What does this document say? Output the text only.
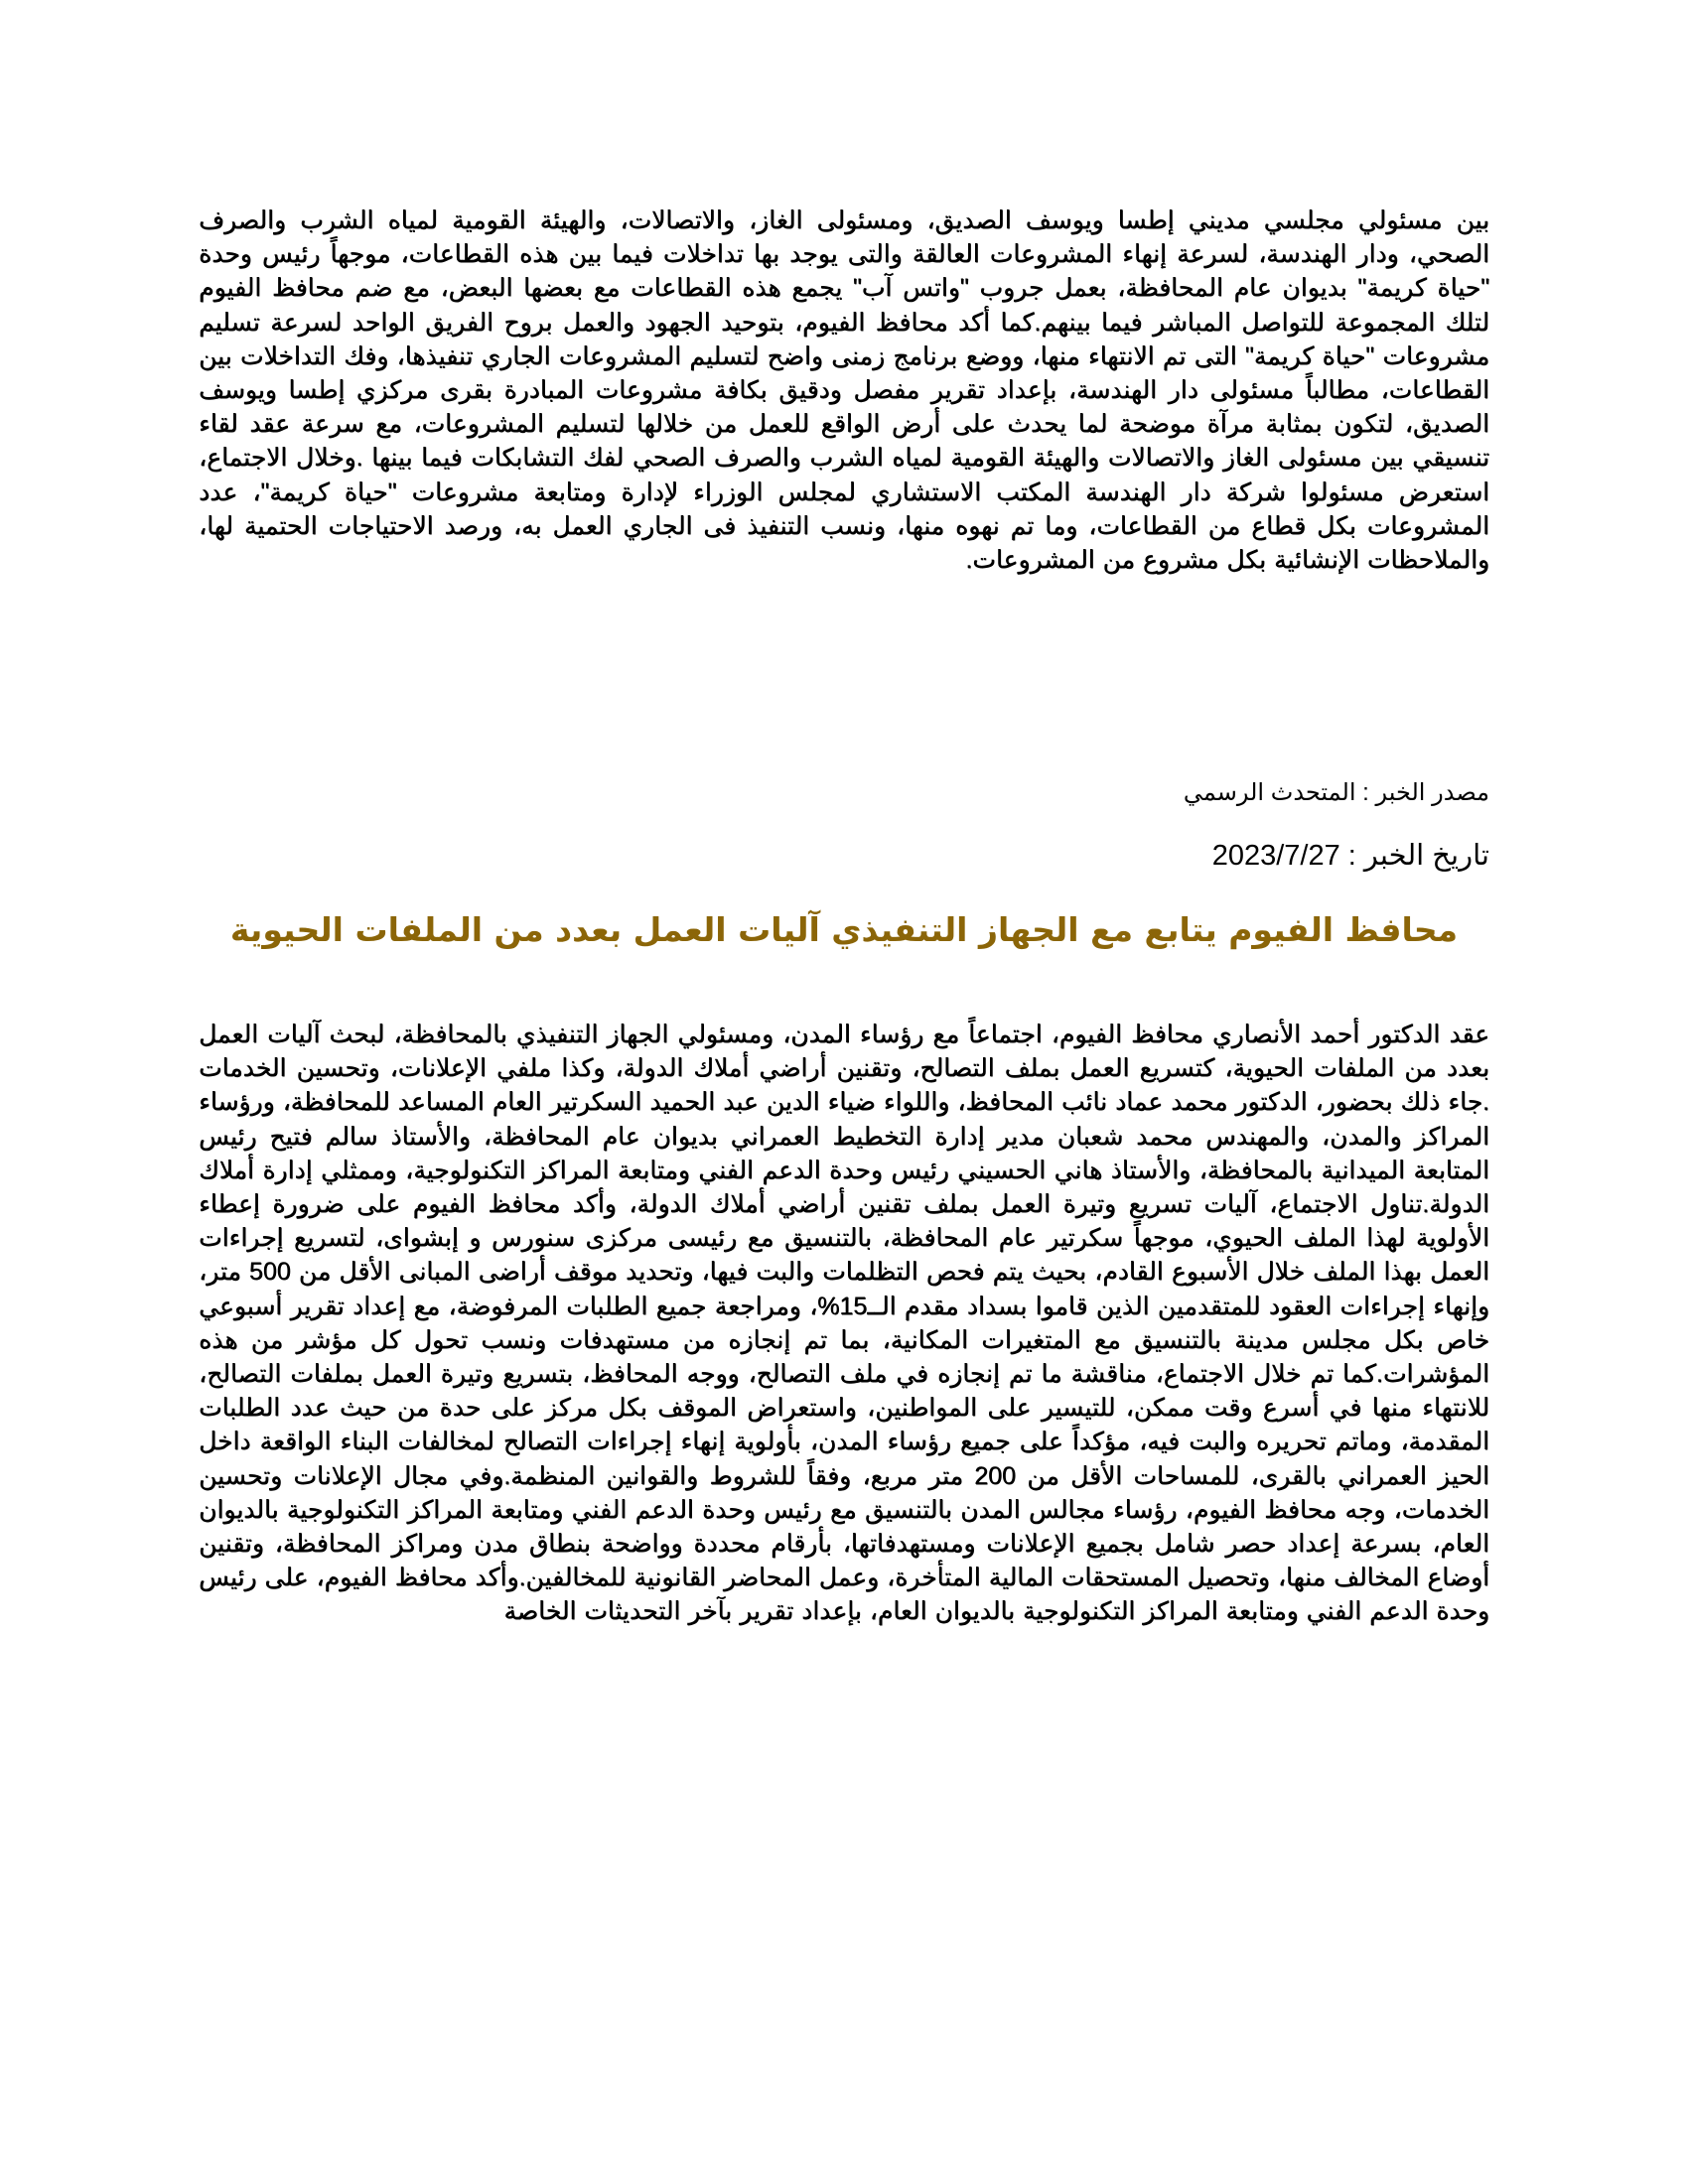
بين مسئولي مجلسي مديني إطسا ويوسف الصديق، ومسئولى الغاز، والاتصالات، والهيئة القومية لمياه الشرب والصرف الصحي، ودار الهندسة، لسرعة إنهاء المشروعات العالقة والتى يوجد بها تداخلات فيما بين هذه القطاعات، موجهاً رئيس وحدة "حياة كريمة" بديوان عام المحافظة، بعمل جروب "واتس آب" يجمع هذه القطاعات مع بعضها البعض، مع ضم محافظ الفيوم لتلك المجموعة للتواصل المباشر فيما بينهم.كما أكد محافظ الفيوم، بتوحيد الجهود والعمل بروح الفريق الواحد لسرعة تسليم مشروعات "حياة كريمة" التى تم الانتهاء منها، ووضع برنامج زمنى واضح لتسليم المشروعات الجاري تنفيذها، وفك التداخلات بين القطاعات، مطالباً مسئولى دار الهندسة، بإعداد تقرير مفصل ودقيق بكافة مشروعات المبادرة بقرى مركزي إطسا ويوسف الصديق، لتكون بمثابة مرآة موضحة لما يحدث على أرض الواقع للعمل من خلالها لتسليم المشروعات، مع سرعة عقد لقاء تنسيقي بين مسئولى الغاز والاتصالات والهيئة القومية لمياه الشرب والصرف الصحي لفك التشابكات فيما بينها .وخلال الاجتماع، استعرض مسئولوا شركة دار الهندسة المكتب الاستشاري لمجلس الوزراء لإدارة ومتابعة مشروعات "حياة كريمة"، عدد المشروعات بكل قطاع من القطاعات، وما تم نهوه منها، ونسب التنفيذ فى الجاري العمل به، ورصد الاحتياجات الحتمية لها، والملاحظات الإنشائية بكل مشروع من المشروعات.
مصدر الخبر : المتحدث الرسمي
تاريخ الخبر : 2023/7/27
محافظ الفيوم يتابع مع الجهاز التنفيذي آليات العمل بعدد من الملفات الحيوية
عقد الدكتور أحمد الأنصاري محافظ الفيوم، اجتماعاً مع رؤساء المدن، ومسئولي الجهاز التنفيذي بالمحافظة، لبحث آليات العمل بعدد من الملفات الحيوية، كتسريع العمل بملف التصالح، وتقنين أراضي أملاك الدولة، وكذا ملفي الإعلانات، وتحسين الخدمات .جاء ذلك بحضور، الدكتور محمد عماد نائب المحافظ، واللواء ضياء الدين عبد الحميد السكرتير العام المساعد للمحافظة، ورؤساء المراكز والمدن، والمهندس محمد شعبان مدير إدارة التخطيط العمراني بديوان عام المحافظة، والأستاذ سالم فتيح رئيس المتابعة الميدانية بالمحافظة، والأستاذ هاني الحسيني رئيس وحدة الدعم الفني ومتابعة المراكز التكنولوجية، وممثلي إدارة أملاك الدولة.تناول الاجتماع، آليات تسريع وتيرة العمل بملف تقنين أراضي أملاك الدولة، وأكد محافظ الفيوم على ضرورة إعطاء الأولوية لهذا الملف الحيوي، موجهاً سكرتير عام المحافظة، بالتنسيق مع رئيسى مركزى سنورس و إبشواى، لتسريع إجراءات العمل بهذا الملف خلال الأسبوع القادم، بحيث يتم فحص التظلمات والبت فيها، وتحديد موقف أراضى المبانى الأقل من 500 متر، وإنهاء إجراءات العقود للمتقدمين الذين قاموا بسداد مقدم الــ15%، ومراجعة جميع الطلبات المرفوضة، مع إعداد تقرير أسبوعي خاص بكل مجلس مدينة بالتنسيق مع المتغيرات المكانية، بما تم إنجازه من مستهدفات ونسب تحول كل مؤشر من هذه المؤشرات.كما تم خلال الاجتماع، مناقشة ما تم إنجازه في ملف التصالح، ووجه المحافظ، بتسريع وتيرة العمل بملفات التصالح، للانتهاء منها في أسرع وقت ممكن، للتيسير على المواطنين، واستعراض الموقف بكل مركز على حدة من حيث عدد الطلبات المقدمة، وماتم تحريره والبت فيه، مؤكداً على جميع رؤساء المدن، بأولوية إنهاء إجراءات التصالح لمخالفات البناء الواقعة داخل الحيز العمراني بالقرى، للمساحات الأقل من 200 متر مربع، وفقاً للشروط والقوانين المنظمة.وفي مجال الإعلانات وتحسين الخدمات، وجه محافظ الفيوم، رؤساء مجالس المدن بالتنسيق مع رئيس وحدة الدعم الفني ومتابعة المراكز التكنولوجية بالديوان العام، بسرعة إعداد حصر شامل بجميع الإعلانات ومستهدفاتها، بأرقام محددة وواضحة بنطاق مدن ومراكز المحافظة، وتقنين أوضاع المخالف منها، وتحصيل المستحقات المالية المتأخرة، وعمل المحاضر القانونية للمخالفين.وأكد محافظ الفيوم، على رئيس وحدة الدعم الفني ومتابعة المراكز التكنولوجية بالديوان العام، بإعداد تقرير بآخر التحديثات الخاصة
